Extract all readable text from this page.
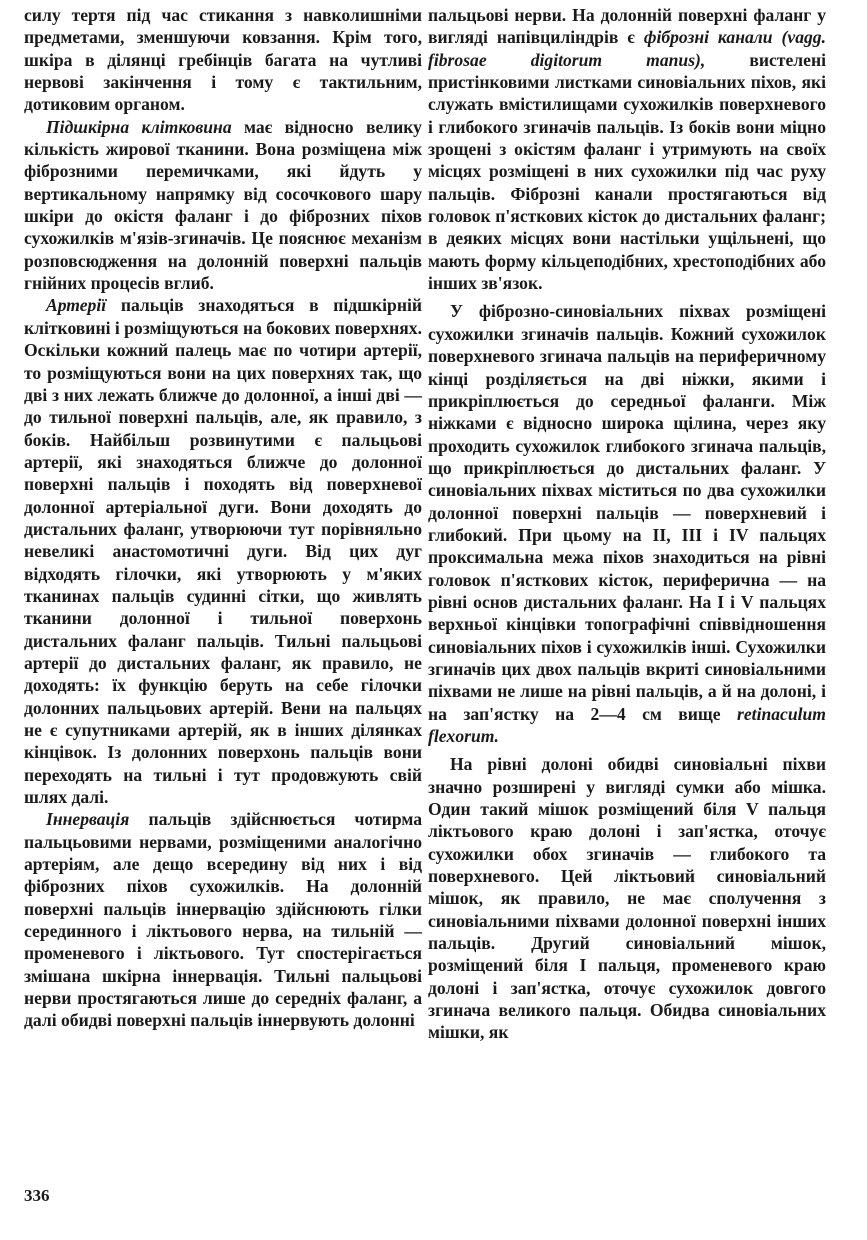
силу тертя під час стикання з навколишніми предметами, зменшуючи ковзання. Крім того, шкіра в ділянці гребінців багата на чутливі нервові закінчення і тому є тактильним, дотиковим органом.

Підшкірна клітковина має відносно велику кількість жирової тканини. Вона розміщена між фіброзними перемичками, які йдуть у вертикальному напрямку від сосочкового шару шкіри до окістя фаланг і до фіброзних піхов сухожилків м'язів-згиначів. Це пояснює механізм розповсюдження на долонній поверхні пальців гнійних процесів вглиб.

Артерії пальців знаходяться в підшкірній клітковині і розміщуються на бокових поверхнях. Оскільки кожний палець має по чотири артерії, то розміщуються вони на цих поверхнях так, що дві з них лежать ближче до долонної, а інші дві — до тильної поверхні пальців, але, як правило, з боків. Найбільш розвинутими є пальцьові артерії, які знаходяться ближче до долонної поверхні пальців і походять від поверхневої долонної артеріальної дуги. Вони доходять до дистальних фаланг, утворюючи тут порівняльно невеликі анастомотичні дуги. Від цих дуг відходять гілочки, які утворюють у м'яких тканинах пальців судинні сітки, що живлять тканини долонної і тильної поверхонь дистальних фаланг пальців. Тильні пальцьові артерії до дистальних фаланг, як правило, не доходять: їх функцію беруть на себе гілочки долонних пальцьових артерій. Вени на пальцях не є супутниками артерій, як в інших ділянках кінцівок. Із долонних поверхонь пальців вони переходять на тильні і тут продовжують свій шлях далі.

Іннервація пальців здійснюється чотирма пальцьовими нервами, розміщеними аналогічно артеріям, але дещо всередину від них і від фіброзних піхов сухожилків. На долонній поверхні пальців іннервацію здійснюють гілки серединного і ліктьового нерва, на тильній — променевого і ліктьового. Тут спостерігається змішана шкірна іннервація. Тильні пальцьові нерви простягаються лише до середніх фаланг, а далі обидві поверхні пальців іннервують долонні

пальцьові нерви. На долонній поверхні фаланг у вигляді напівциліндрів є фіброзні канали (vagg. fibrosae digitorum manus), вистелені пристінковими листками синовіальних піхов, які служать вмістилищами сухожилків поверхневого і глибокого згиначів пальців. Із боків вони міцно зрощені з окістям фаланг і утримують на своїх місцях розміщені в них сухожилки під час руху пальців. Фіброзні канали простягаються від головок п'ясткових кісток до дистальних фаланг; в деяких місцях вони настільки ущільнені, що мають форму кільцеподібних, хрестоподібних або інших зв'язок.

У фіброзно-синовіальних піхвах розміщені сухожилки згиначів пальців. Кожний сухожилок поверхневого згинача пальців на периферичному кінці розділяється на дві ніжки, якими і прикріплюється до середньої фаланги. Між ніжками є відносно широка щілина, через яку проходить сухожилок глибокого згинача пальців, що прикріплюється до дистальних фаланг. У синовіальних піхвах міститься по два сухожилки долонної поверхні пальців — поверхневий і глибокий. При цьому на II, III і IV пальцях проксимальна межа піхов знаходиться на рівні головок п'ясткових кісток, периферична — на рівні основ дистальних фаланг. На I і V пальцях верхньої кінцівки топографічні співвідношення синовіальних піхов і сухожилків інші. Сухожилки згиначів цих двох пальців вкриті синовіальними піхвами не лише на рівні пальців, а й на долоні, і на зап'ястку на 2—4 см вище retinaculum flexorum.

На рівні долоні обидві синовіальні піхви значно розширені у вигляді сумки або мішка. Один такий мішок розміщений біля V пальця ліктьового краю долоні і зап'ястка, оточує сухожилки обох згиначів — глибокого та поверхневого. Цей ліктьовий синовіальний мішок, як правило, не має сполучення з синовіальними піхвами долонної поверхні інших пальців. Другий синовіальний мішок, розміщений біля I пальця, променевого краю долоні і зап'ястка, оточує сухожилок довгого згинача великого пальця. Обидва синовіальних мішки, як

336
